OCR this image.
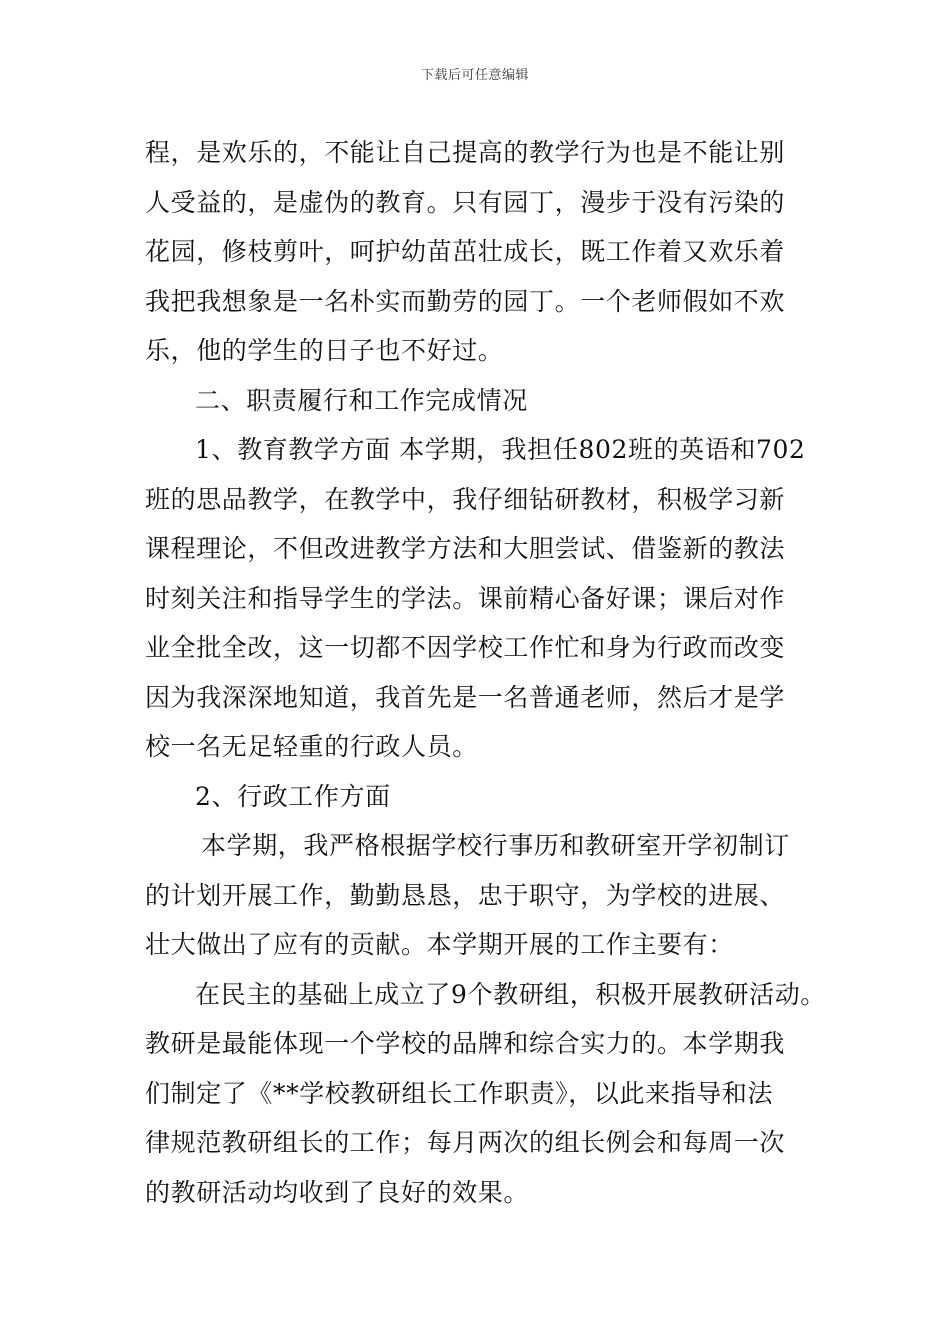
下载后可任意编辑
程，是欢乐的，不能让自己提高的教学行为也是不能让别
人受益的，是虚伪的教育。只有园丁，漫步于没有污染的
花园，修枝剪叶，呵护幼苗茁壮成长，既工作着又欢乐着
我把我想象是一名朴实而勤劳的园丁。一个老师假如不欢
乐，他的学生的日子也不好过。
二、职责履行和工作完成情况
1、教育教学方面 本学期，我担任802班的英语和702
班的思品教学，在教学中，我仔细钻研教材，积极学习新
课程理论，不但改进教学方法和大胆尝试、借鉴新的教法
时刻关注和指导学生的学法。课前精心备好课；课后对作
业全批全改，这一切都不因学校工作忙和身为行政而改变
因为我深深地知道，我首先是一名普通老师，然后才是学
校一名无足轻重的行政人员。
2、行政工作方面
本学期，我严格根据学校行事历和教研室开学初制订
的计划开展工作，勤勤恳恳，忠于职守，为学校的进展、
壮大做出了应有的贡献。本学期开展的工作主要有：
在民主的基础上成立了9个教研组，积极开展教研活动。
教研是最能体现一个学校的品牌和综合实力的。本学期我
们制定了《**学校教研组长工作职责》，以此来指导和法
律规范教研组长的工作；每月两次的组长例会和每周一次
的教研活动均收到了良好的效果。
